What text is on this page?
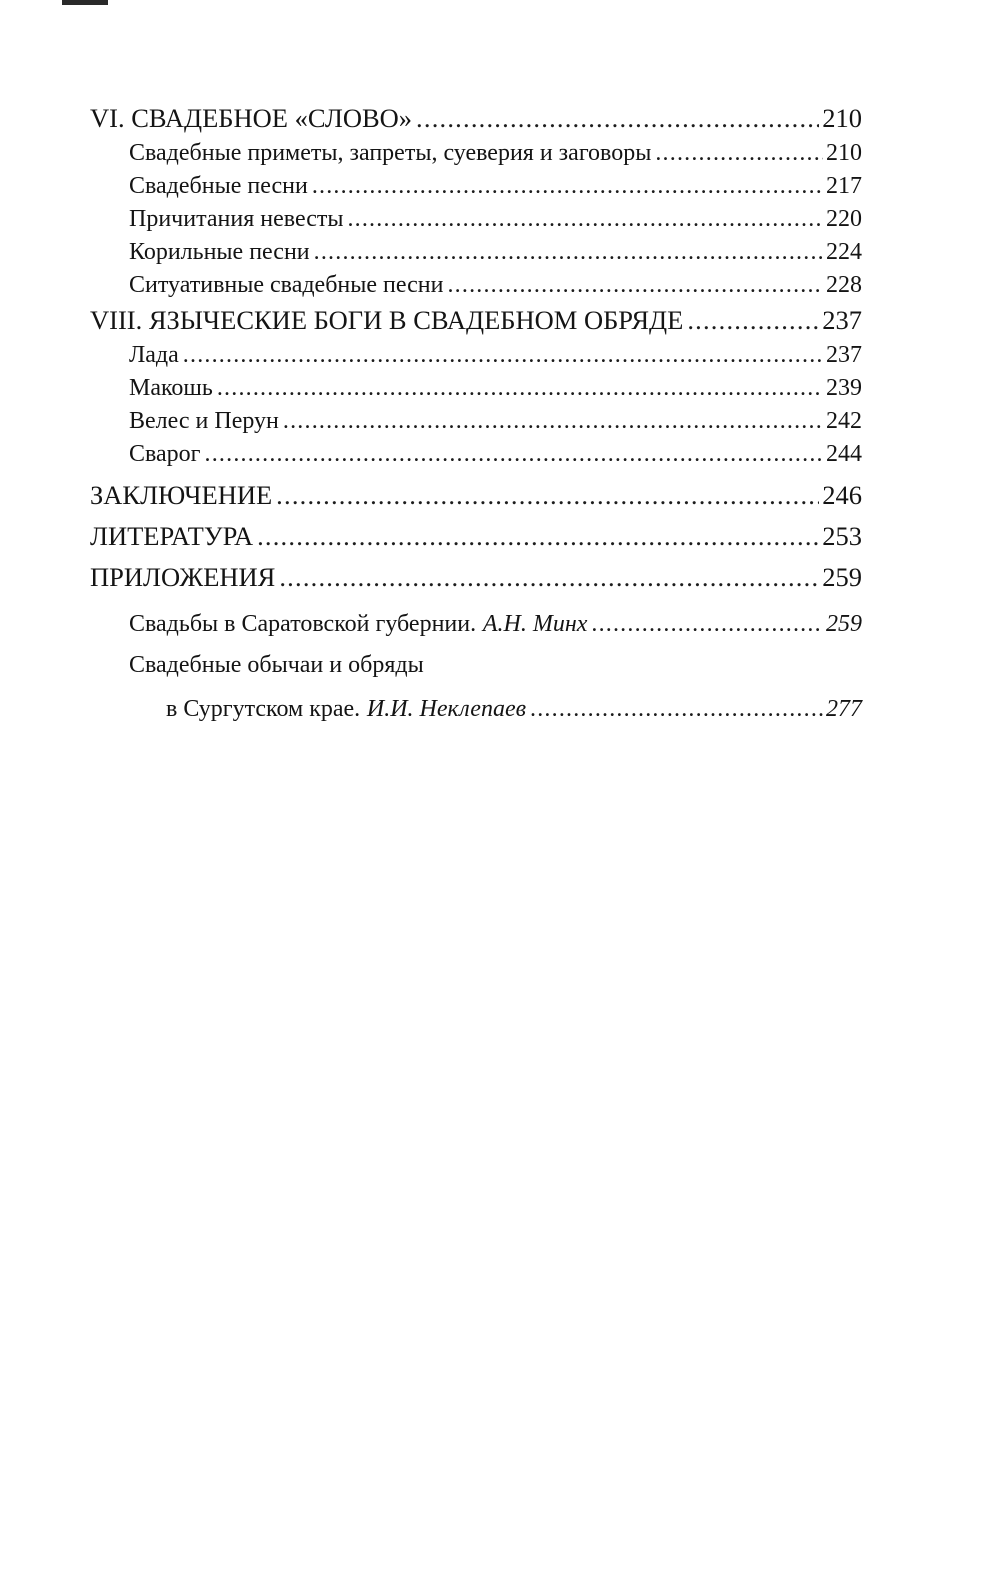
VI. СВАДЕБНОЕ «СЛОВО» .....	210
Свадебные приметы, запреты, суеверия и заговоры .....	210
Свадебные песни .....	217
Причитания невесты .....	220
Корильные песни .....	224
Ситуативные свадебные песни .....	228
VIII. ЯЗЫЧЕСКИЕ БОГИ В СВАДЕБНОМ ОБРЯДЕ .....	237
Лада .....	237
Макошь .....	239
Велес и Перун .....	242
Сварог .....	244
ЗАКЛЮЧЕНИЕ .....	246
ЛИТЕРАТУРА .....	253
ПРИЛОЖЕНИЯ .....	259
Свадьбы в Саратовской губернии. А.Н. Минх .....	259
Свадебные обычаи и обряды
в Сургутском крае. И.И. Неклепаев .....	277
